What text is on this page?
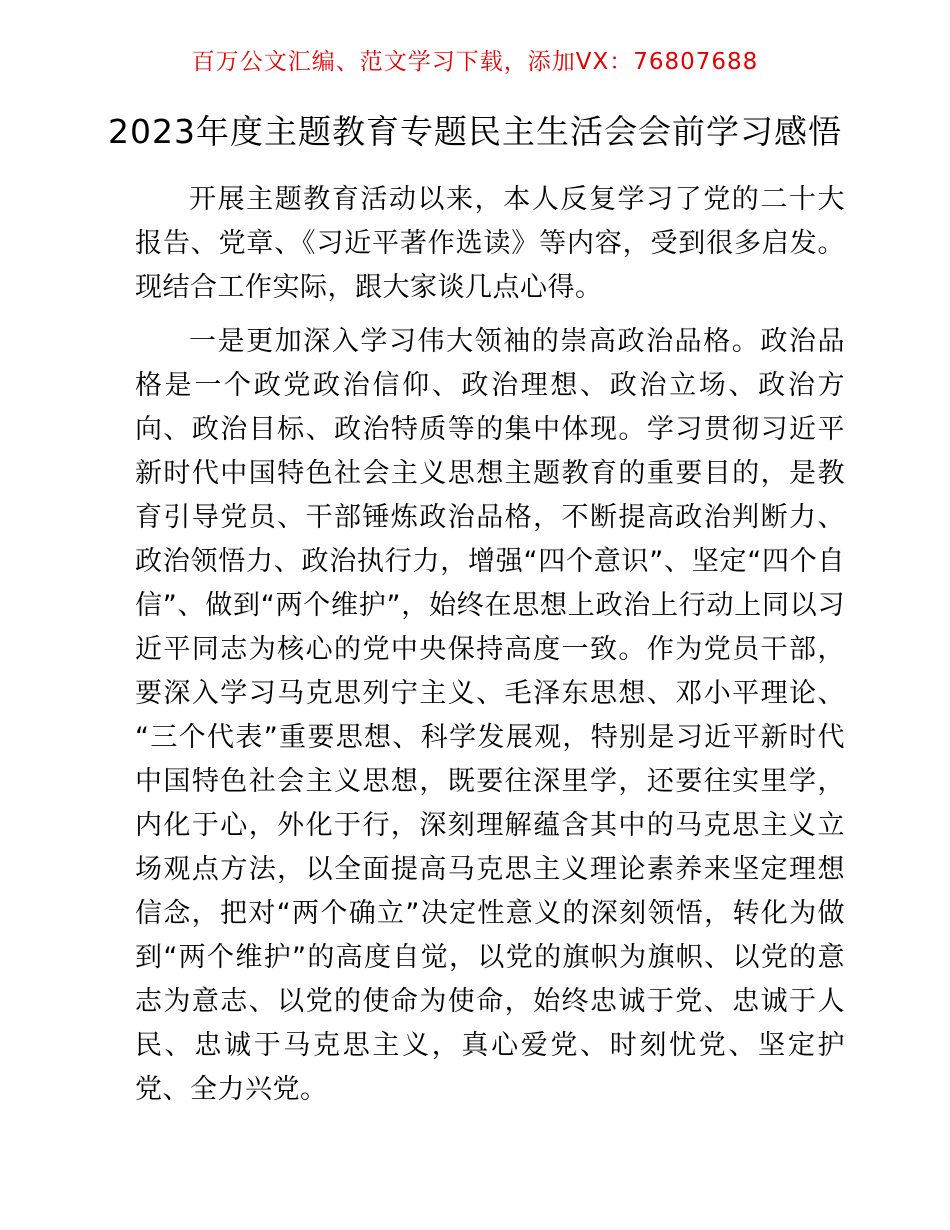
百万公文汇编、范文学习下载，添加VX：76807688
2023年度主题教育专题民主生活会会前学习感悟

开展主题教育活动以来，本人反复学习了党的二十大报告、党章、《习近平著作选读》等内容，受到很多启发。现结合工作实际，跟大家谈几点心得。

一是更加深入学习伟大领袖的崇高政治品格。政治品格是一个政党政治信仰、政治理想、政治立场、政治方向、政治目标、政治特质等的集中体现。学习贯彻习近平新时代中国特色社会主义思想主题教育的重要目的，是教育引导党员、干部锤炼政治品格，不断提高政治判断力、政治领悟力、政治执行力，增强“四个意识”、坚定“四个自信”、做到“两个维护”，始终在思想上政治上行动上同以习近平同志为核心的党中央保持高度一致。作为党员干部，要深入学习马克思列宁主义、毛泽东思想、邓小平理论、“三个代表”重要思想、科学发展观，特别是习近平新时代中国特色社会主义思想，既要往深里学，还要往实里学，内化于心，外化于行，深刻理解蕴含其中的马克思主义立场观点方法，以全面提高马克思主义理论素养来坚定理想信念，把对“两个确立”决定性意义的深刻领悟，转化为做到“两个维护”的高度自觉，以党的旗帜为旗帜、以党的意志为意志、以党的使命为使命，始终忠诚于党、忠诚于人民、忠诚于马克思主义，真心爱党、时刻忧党、坚定护党、全力兴党。
